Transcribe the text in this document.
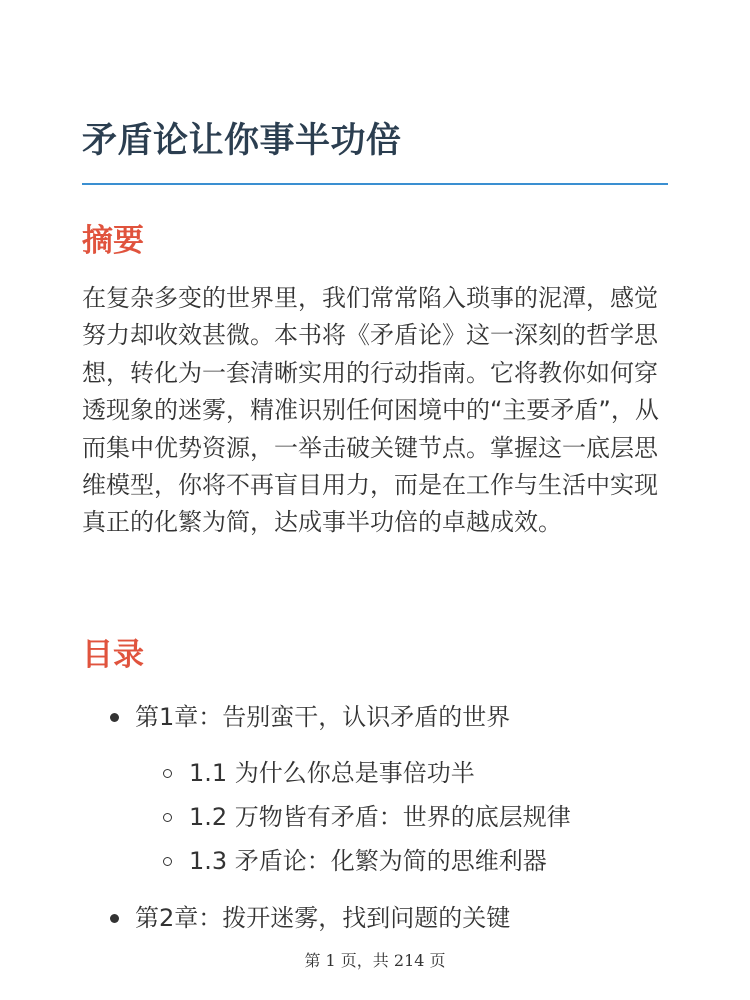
矛盾论让你事半功倍
摘要

在复杂多变的世界里，我们常常陷入琐事的泥潭，感觉努力却收效甚微。本书将《矛盾论》这一深刻的哲学思想，转化为一套清晰实用的行动指南。它将教你如何穿透现象的迷雾，精准识别任何困境中的“主要矛盾”，从而集中优势资源，一举击破关键节点。掌握这一底层思维模型，你将不再盲目用力，而是在工作与生活中实现真正的化繁为简，达成事半功倍的卓越成效。

目录
第1章：告别蛮干，认识矛盾的世界
1.1 为什么你总是事倍功半
1.2 万物皆有矛盾：世界的底层规律
1.3 矛盾论：化繁为简的思维利器
第2章：拨开迷雾，找到问题的关键
第 1 页，共 214 页
